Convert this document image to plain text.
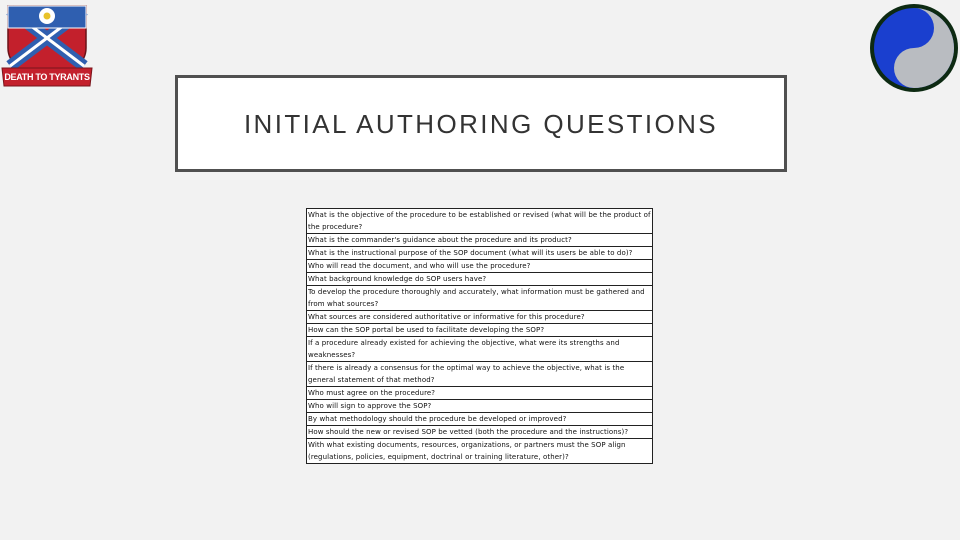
DEATH TO TYRANTS
INITIAL AUTHORING QUESTIONS
What is the objective of the procedure to be established or revised (what will be the product of the procedure?
What is the commander's guidance about the procedure and its product?
What is the instructional purpose of the SOP document (what will its users be able to do)?
Who will read the document, and who will use the procedure?
What background knowledge do SOP users have?
To develop the procedure thoroughly and accurately, what information must be gathered and from what sources?
What sources are considered authoritative or informative for this procedure?
How can the SOP portal be used to facilitate developing the SOP?
If a procedure already existed for achieving the objective, what were its strengths and weaknesses?
If there is already a consensus for the optimal way to achieve the objective, what is the general statement of that method?
Who must agree on the procedure?
Who will sign to approve the SOP?
By what methodology should the procedure be developed or improved?
How should the new or revised SOP be vetted (both the procedure and the instructions)?
With what existing documents, resources, organizations, or partners must the SOP align (regulations, policies, equipment, doctrinal or training literature, other)?
